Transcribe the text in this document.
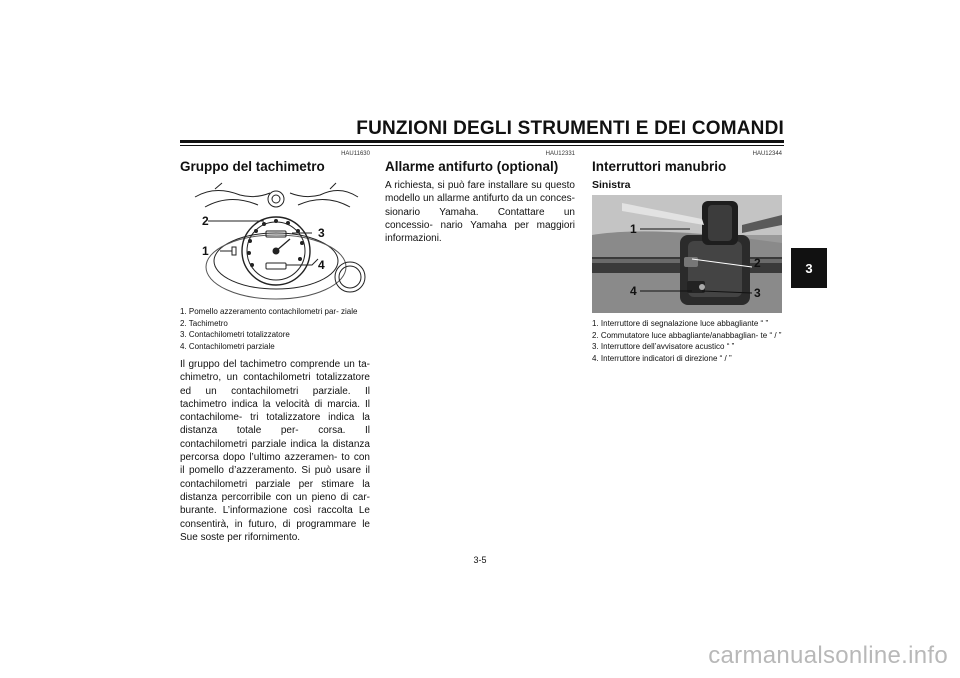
FUNZIONI DEGLI STRUMENTI E DEI COMANDI
3
HAU11630
Gruppo del tachimetro
2
1
3
4
1. Pomello azzeramento contachilometri par- ziale
2. Tachimetro
3. Contachilometri totalizzatore
4. Contachilometri parziale

Il gruppo del tachimetro comprende un ta- chimetro, un contachilometri totalizzatore ed un contachilometri parziale. Il tachimetro indica la velocità di marcia. Il contachilome- tri totalizzatore indica la distanza totale per- corsa. Il contachilometri parziale indica la distanza percorsa dopo l’ultimo azzeramen- to con il pomello d’azzeramento. Si può usare il contachilometri parziale per stimare la distanza percorribile con un pieno di car- burante. L’informazione così raccolta Le consentirà, in futuro, di programmare le Sue soste per rifornimento.

HAU12331
Allarme antifurto (optional)

A richiesta, si può fare installare su questo modello un allarme antifurto da un conces- sionario Yamaha. Contattare un concessio- nario Yamaha per maggiori informazioni.

HAU12344
Interruttori manubrio
Sinistra
1
2
3
4
1. Interruttore di segnalazione luce abbagliante “ ”
2. Commutatore luce abbagliante/anabbaglian- te “ / ”
3. Interruttore dell’avvisatore acustico “ ”
4. Interruttore indicatori di direzione “ / ”
3-5
carmanualsonline.info
